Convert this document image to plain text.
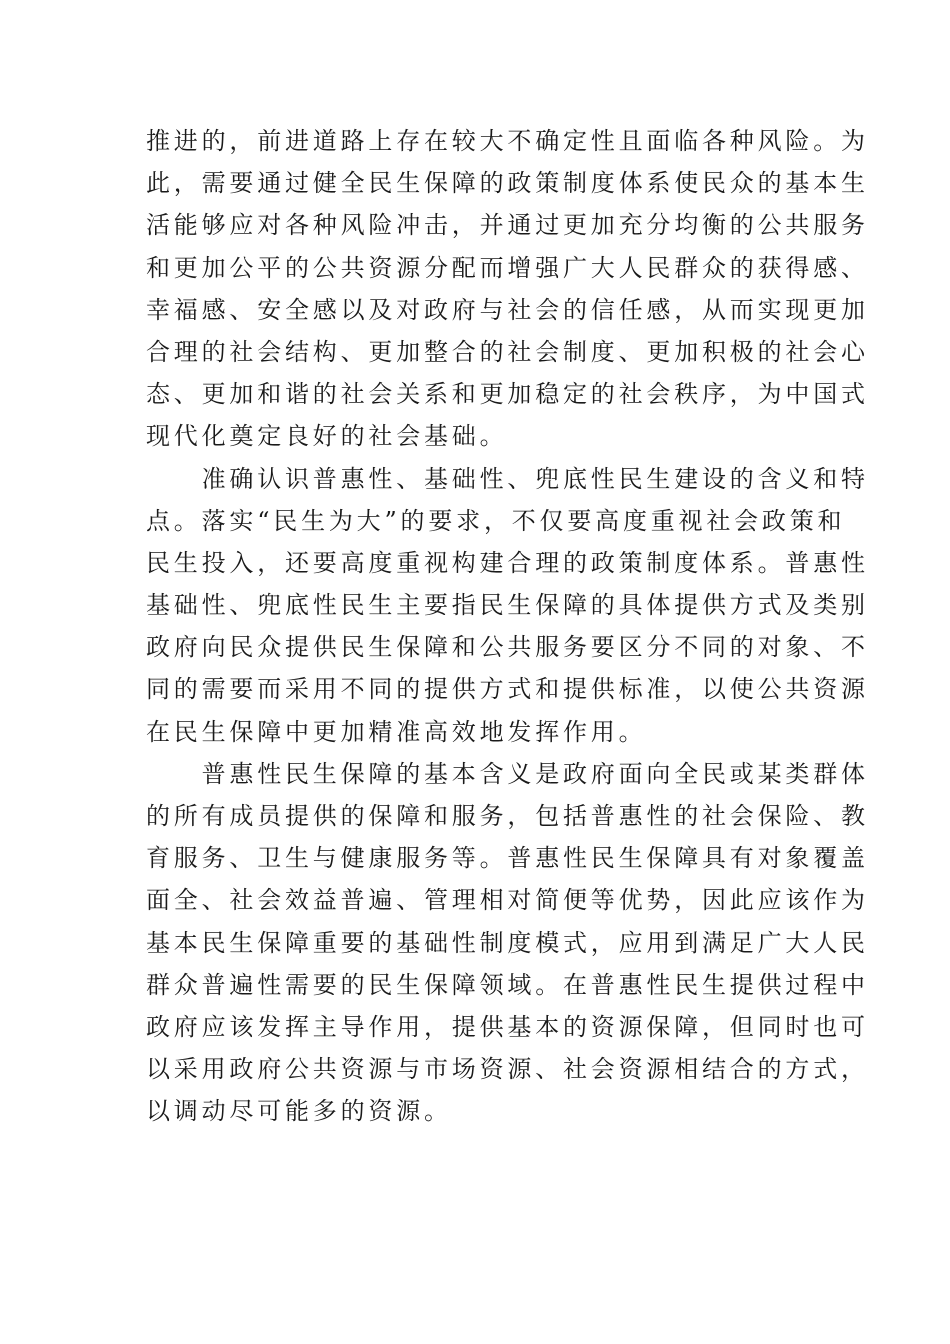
推进的，前进道路上存在较大不确定性且面临各种风险。为
此，需要通过健全民生保障的政策制度体系使民众的基本生
活能够应对各种风险冲击，并通过更加充分均衡的公共服务
和更加公平的公共资源分配而增强广大人民群众的获得感、
幸福感、安全感以及对政府与社会的信任感，从而实现更加
合理的社会结构、更加整合的社会制度、更加积极的社会心
态、更加和谐的社会关系和更加稳定的社会秩序，为中国式
现代化奠定良好的社会基础。
　　准确认识普惠性、基础性、兜底性民生建设的含义和特
点。落实“民生为大”的要求，不仅要高度重视社会政策和
民生投入，还要高度重视构建合理的政策制度体系。普惠性
基础性、兜底性民生主要指民生保障的具体提供方式及类别
政府向民众提供民生保障和公共服务要区分不同的对象、不
同的需要而采用不同的提供方式和提供标准，以使公共资源
在民生保障中更加精准高效地发挥作用。
　　普惠性民生保障的基本含义是政府面向全民或某类群体
的所有成员提供的保障和服务，包括普惠性的社会保险、教
育服务、卫生与健康服务等。普惠性民生保障具有对象覆盖
面全、社会效益普遍、管理相对简便等优势，因此应该作为
基本民生保障重要的基础性制度模式，应用到满足广大人民
群众普遍性需要的民生保障领域。在普惠性民生提供过程中
政府应该发挥主导作用，提供基本的资源保障，但同时也可
以采用政府公共资源与市场资源、社会资源相结合的方式，
以调动尽可能多的资源。
